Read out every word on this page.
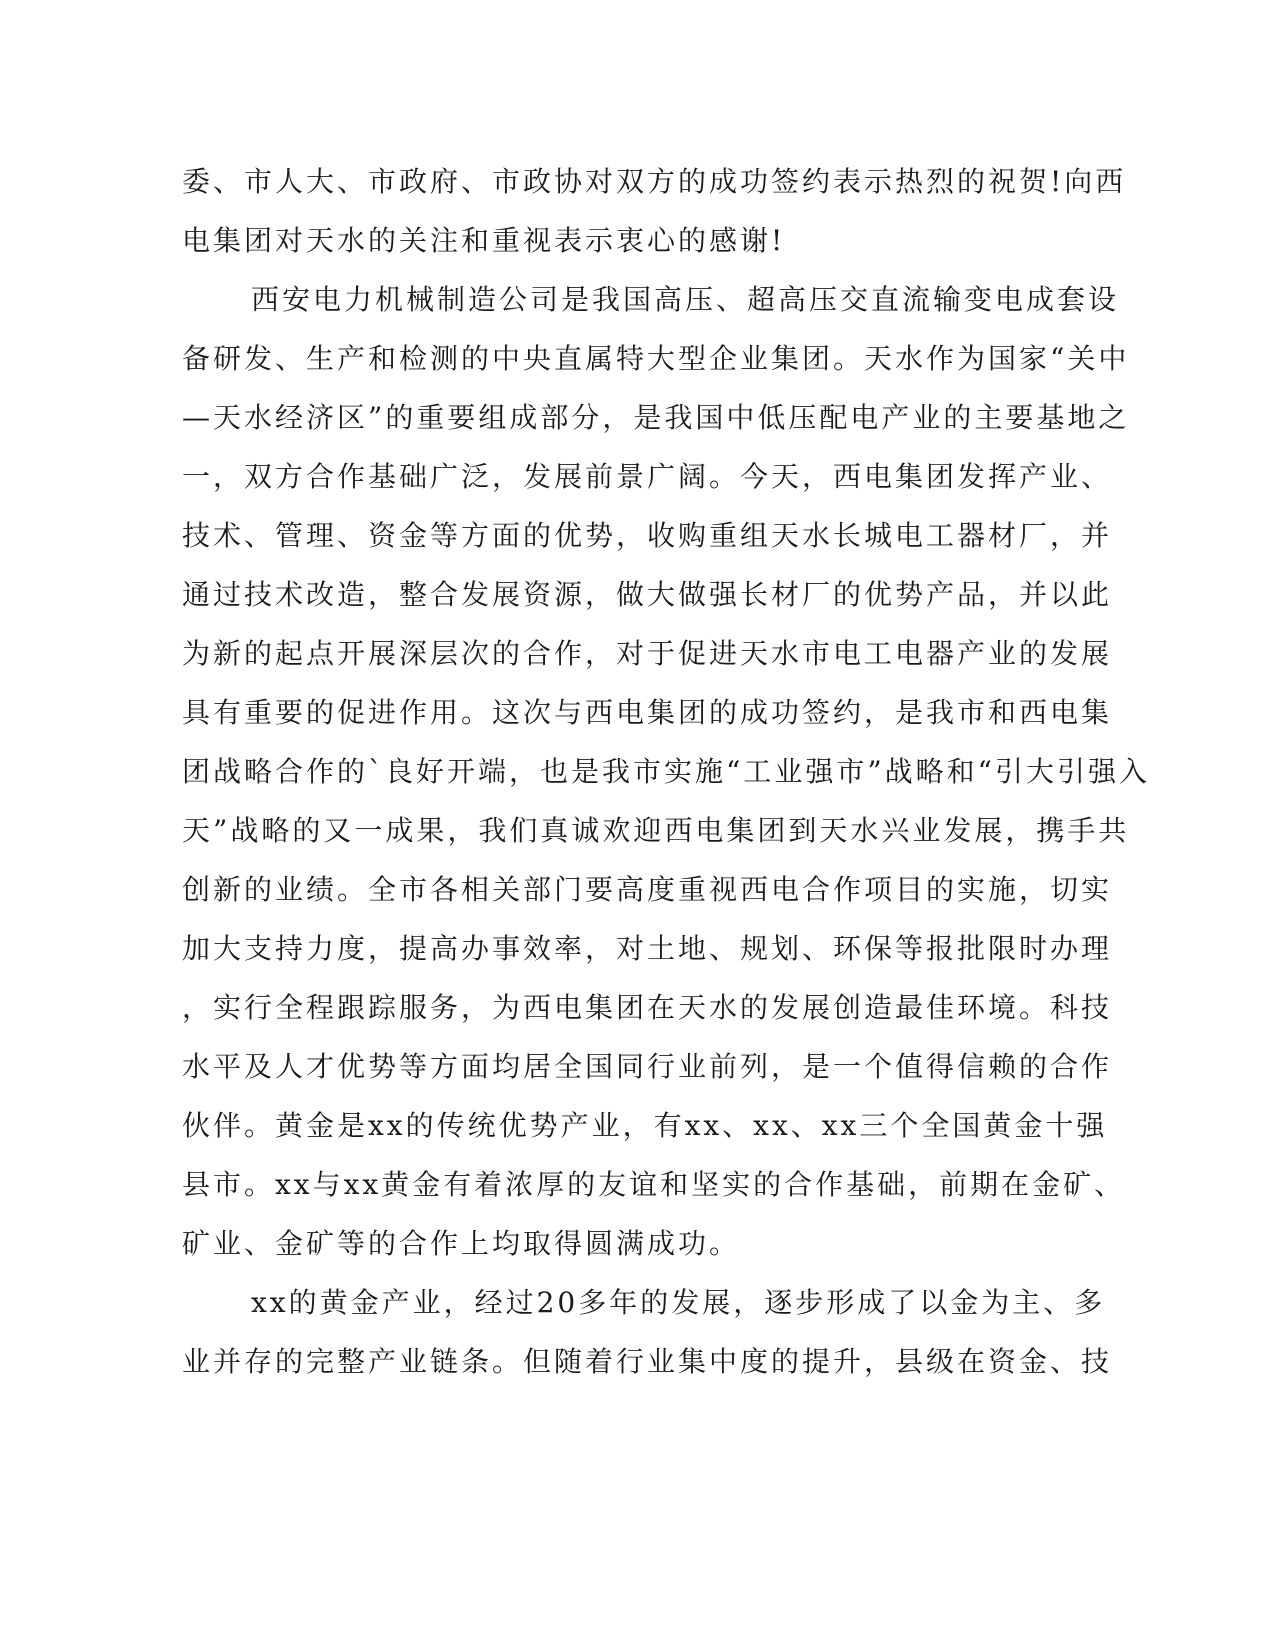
委、市人大、市政府、市政协对双方的成功签约表示热烈的祝贺!向西
电集团对天水的关注和重视表示衷心的感谢!
西安电力机械制造公司是我国高压、超高压交直流输变电成套设
备研发、生产和检测的中央直属特大型企业集团。天水作为国家“关中
—天水经济区”的重要组成部分，是我国中低压配电产业的主要基地之
一，双方合作基础广泛，发展前景广阔。今天，西电集团发挥产业、
技术、管理、资金等方面的优势，收购重组天水长城电工器材厂，并
通过技术改造，整合发展资源，做大做强长材厂的优势产品，并以此
为新的起点开展深层次的合作，对于促进天水市电工电器产业的发展
具有重要的促进作用。这次与西电集团的成功签约，是我市和西电集
团战略合作的`良好开端，也是我市实施“工业强市”战略和“引大引强入
天”战略的又一成果，我们真诚欢迎西电集团到天水兴业发展，携手共
创新的业绩。全市各相关部门要高度重视西电合作项目的实施，切实
加大支持力度，提高办事效率，对土地、规划、环保等报批限时办理
，实行全程跟踪服务，为西电集团在天水的发展创造最佳环境。科技
水平及人才优势等方面均居全国同行业前列，是一个值得信赖的合作
伙伴。黄金是xx的传统优势产业，有xx、xx、xx三个全国黄金十强
县市。xx与xx黄金有着浓厚的友谊和坚实的合作基础，前期在金矿、
矿业、金矿等的合作上均取得圆满成功。
xx的黄金产业，经过20多年的发展，逐步形成了以金为主、多
业并存的完整产业链条。但随着行业集中度的提升，县级在资金、技
